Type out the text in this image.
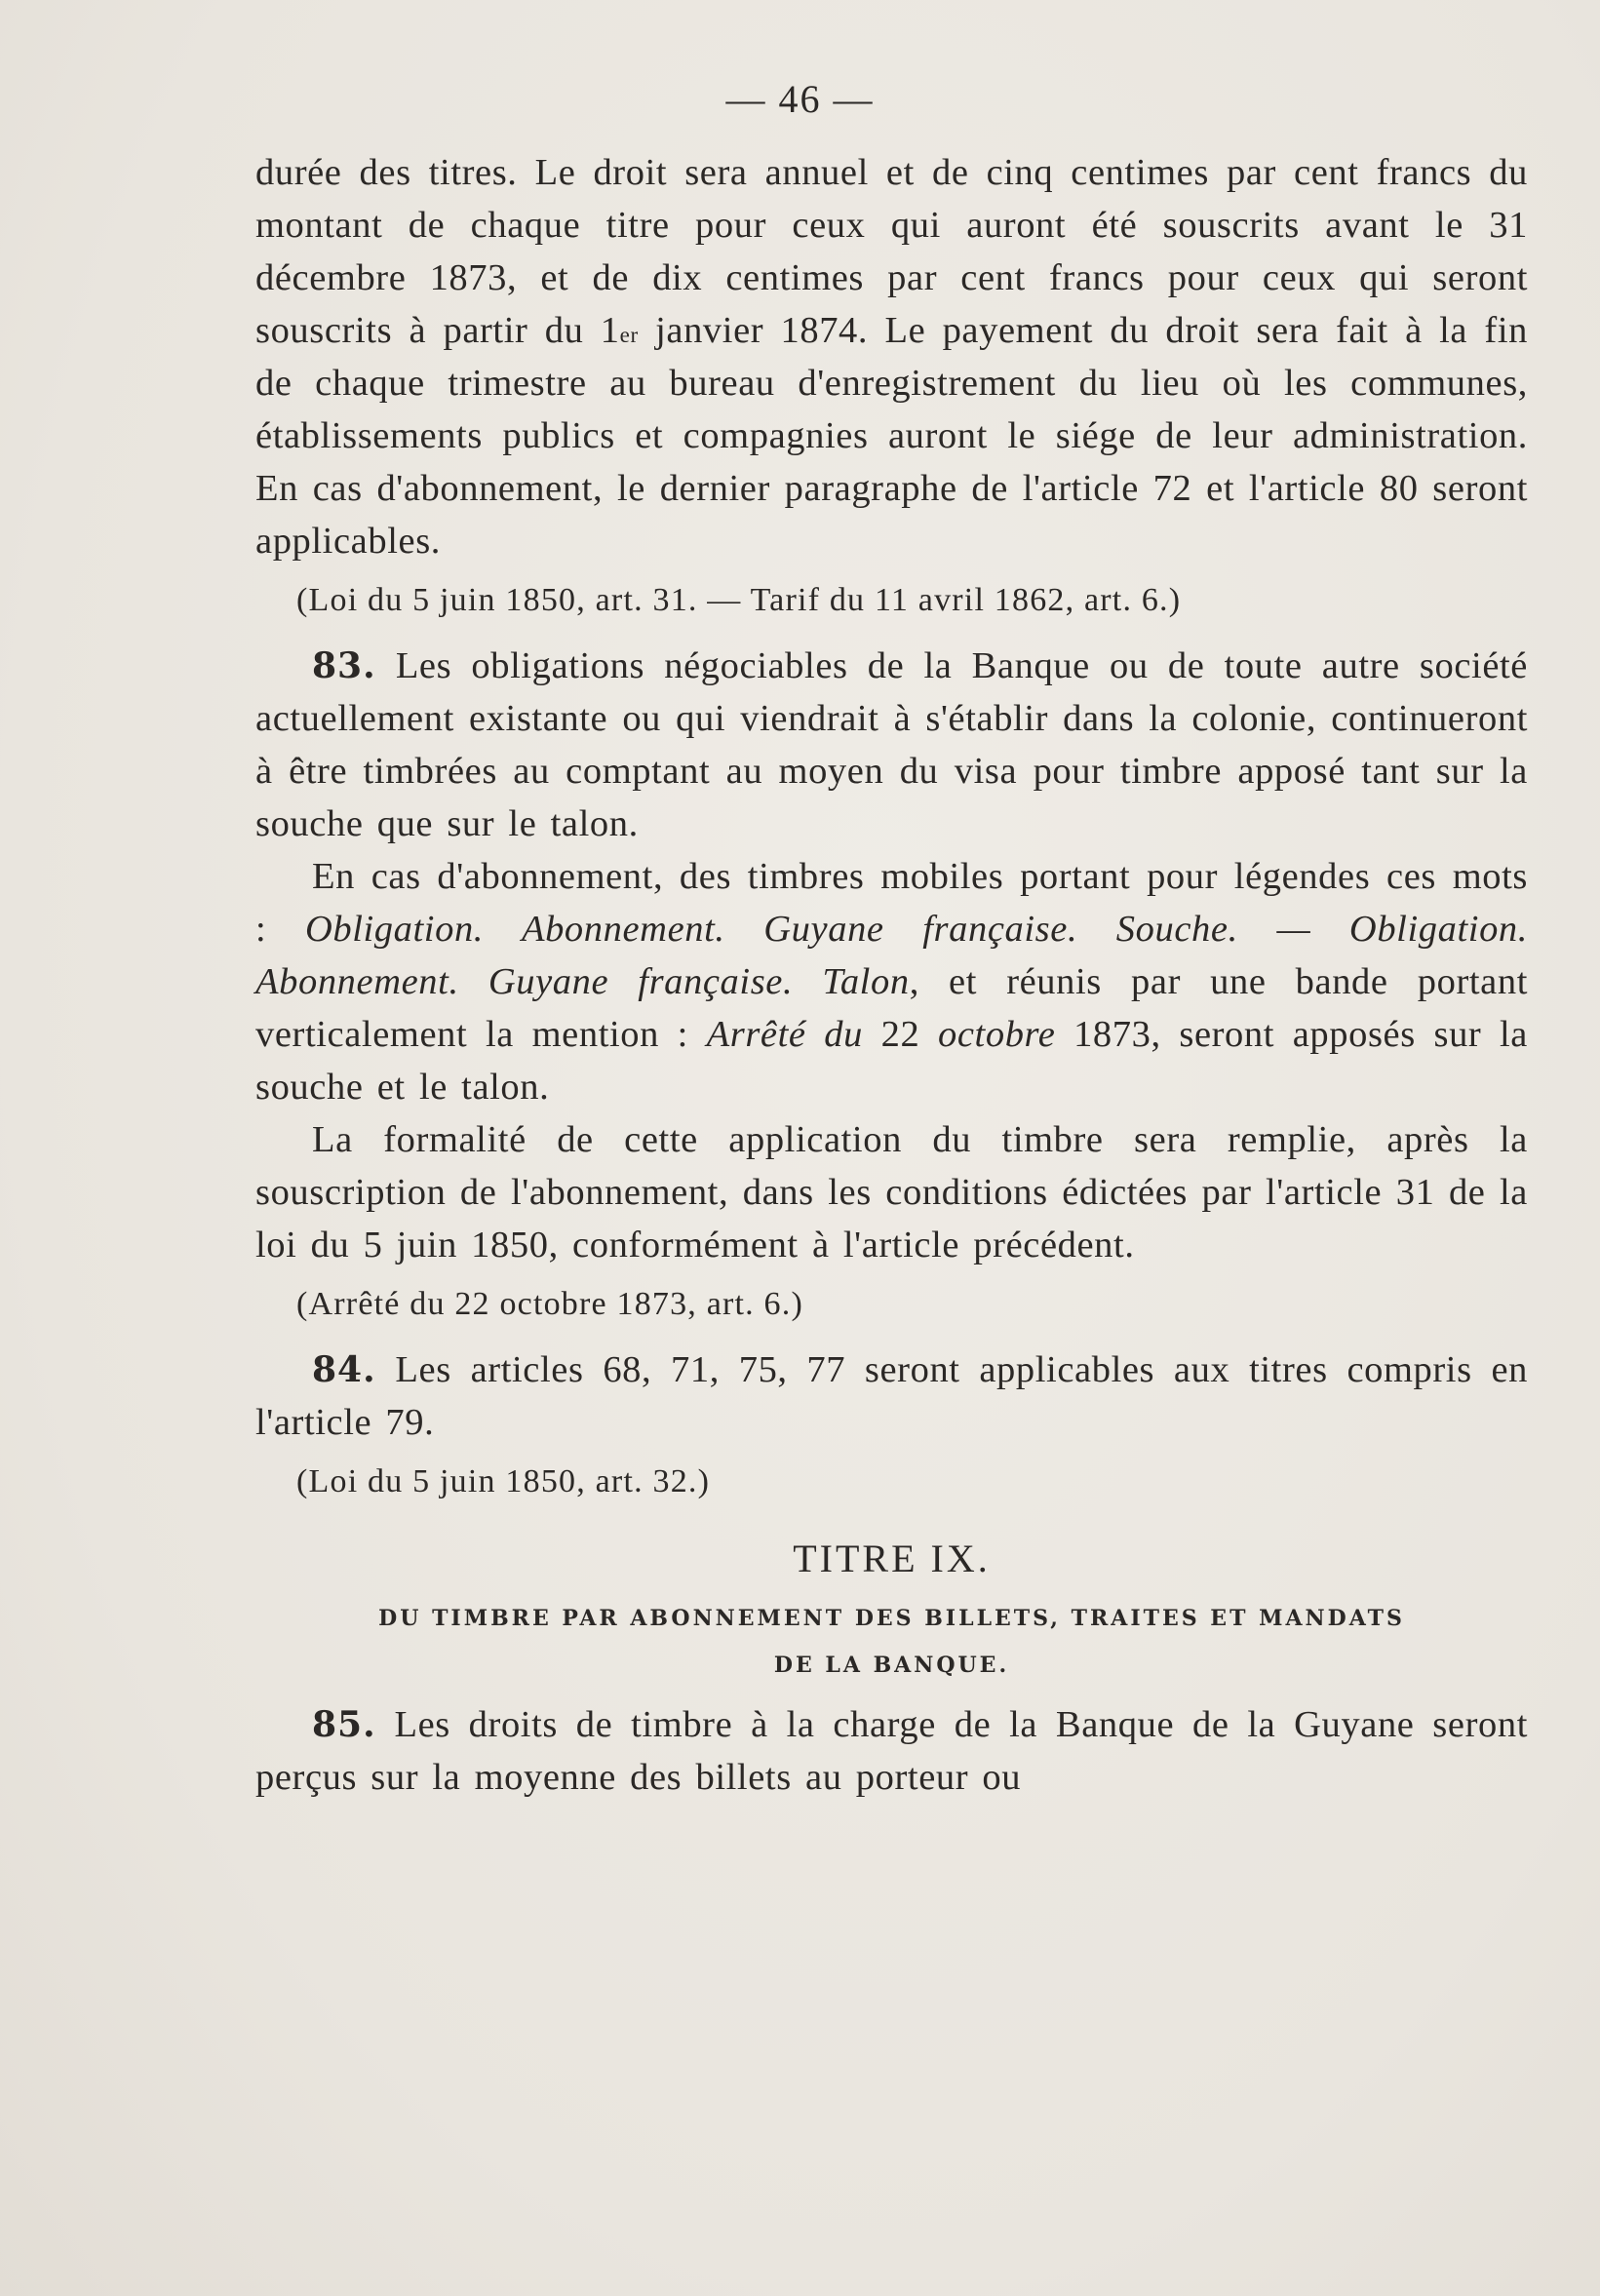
— 46 —

durée des titres. Le droit sera annuel et de cinq centimes par cent francs du montant de chaque titre pour ceux qui auront été souscrits avant le 31 décembre 1873, et de dix centimes par cent francs pour ceux qui seront souscrits à partir du 1er janvier 1874. Le payement du droit sera fait à la fin de chaque trimestre au bureau d'enregistrement du lieu où les communes, établissements publics et compagnies auront le siége de leur administration. En cas d'abonnement, le dernier paragraphe de l'article 72 et l'article 80 seront applicables.

(Loi du 5 juin 1850, art. 31. — Tarif du 11 avril 1862, art. 6.)

83. Les obligations négociables de la Banque ou de toute autre société actuellement existante ou qui viendrait à s'établir dans la colonie, continueront à être timbrées au comptant au moyen du visa pour timbre apposé tant sur la souche que sur le talon.

En cas d'abonnement, des timbres mobiles portant pour légendes ces mots : Obligation. Abonnement. Guyane française. Souche. — Obligation. Abonnement. Guyane française. Talon, et réunis par une bande portant verticalement la mention : Arrêté du 22 octobre 1873, seront apposés sur la souche et le talon.

La formalité de cette application du timbre sera remplie, après la souscription de l'abonnement, dans les conditions édictées par l'article 31 de la loi du 5 juin 1850, conformément à l'article précédent.

(Arrêté du 22 octobre 1873, art. 6.)

84. Les articles 68, 71, 75, 77 seront applicables aux titres compris en l'article 79.

(Loi du 5 juin 1850, art. 32.)

TITRE IX.
DU TIMBRE PAR ABONNEMENT DES BILLETS, TRAITES ET MANDATS
DE LA BANQUE.

85. Les droits de timbre à la charge de la Banque de la Guyane seront perçus sur la moyenne des billets au porteur ou
